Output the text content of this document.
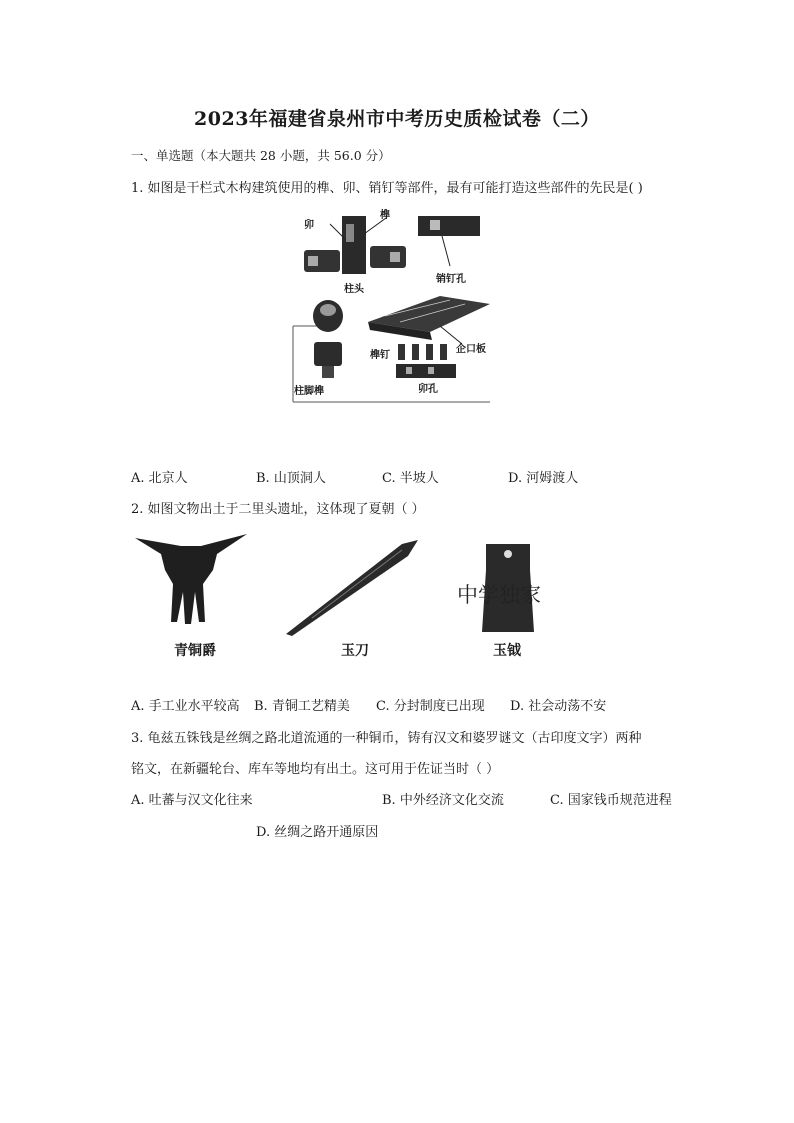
2023年福建省泉州市中考历史质检试卷（二）
一、单选题（本大题共 28 小题，共 56.0 分）
1. 如图是干栏式木构建筑使用的榫、卯、销钉等部件，最有可能打造这些部件的先民是( )
卯
榫
销钉孔
柱头
企口板
榫钉
柱脚榫	卯孔
A. 北京人	B. 山顶洞人	C. 半坡人	D. 河姆渡人
2. 如图文物出土于二里头遗址，这体现了夏朝（ ）
青铜爵	玉刀
中学独家
玉钺
A. 手工业水平较高 B. 青铜工艺精美 C. 分封制度已出现 D. 社会动荡不安
3. 龟兹五铢钱是丝绸之路北道流通的一种铜币，铸有汉文和婆罗谜文（古印度文字）两种
铭文，在新疆轮台、库车等地均有出土。这可用于佐证当时（ ）
A. 吐蕃与汉文化往来	B. 中外经济文化交流	C. 国家钱币规范进程
D. 丝绸之路开通原因
